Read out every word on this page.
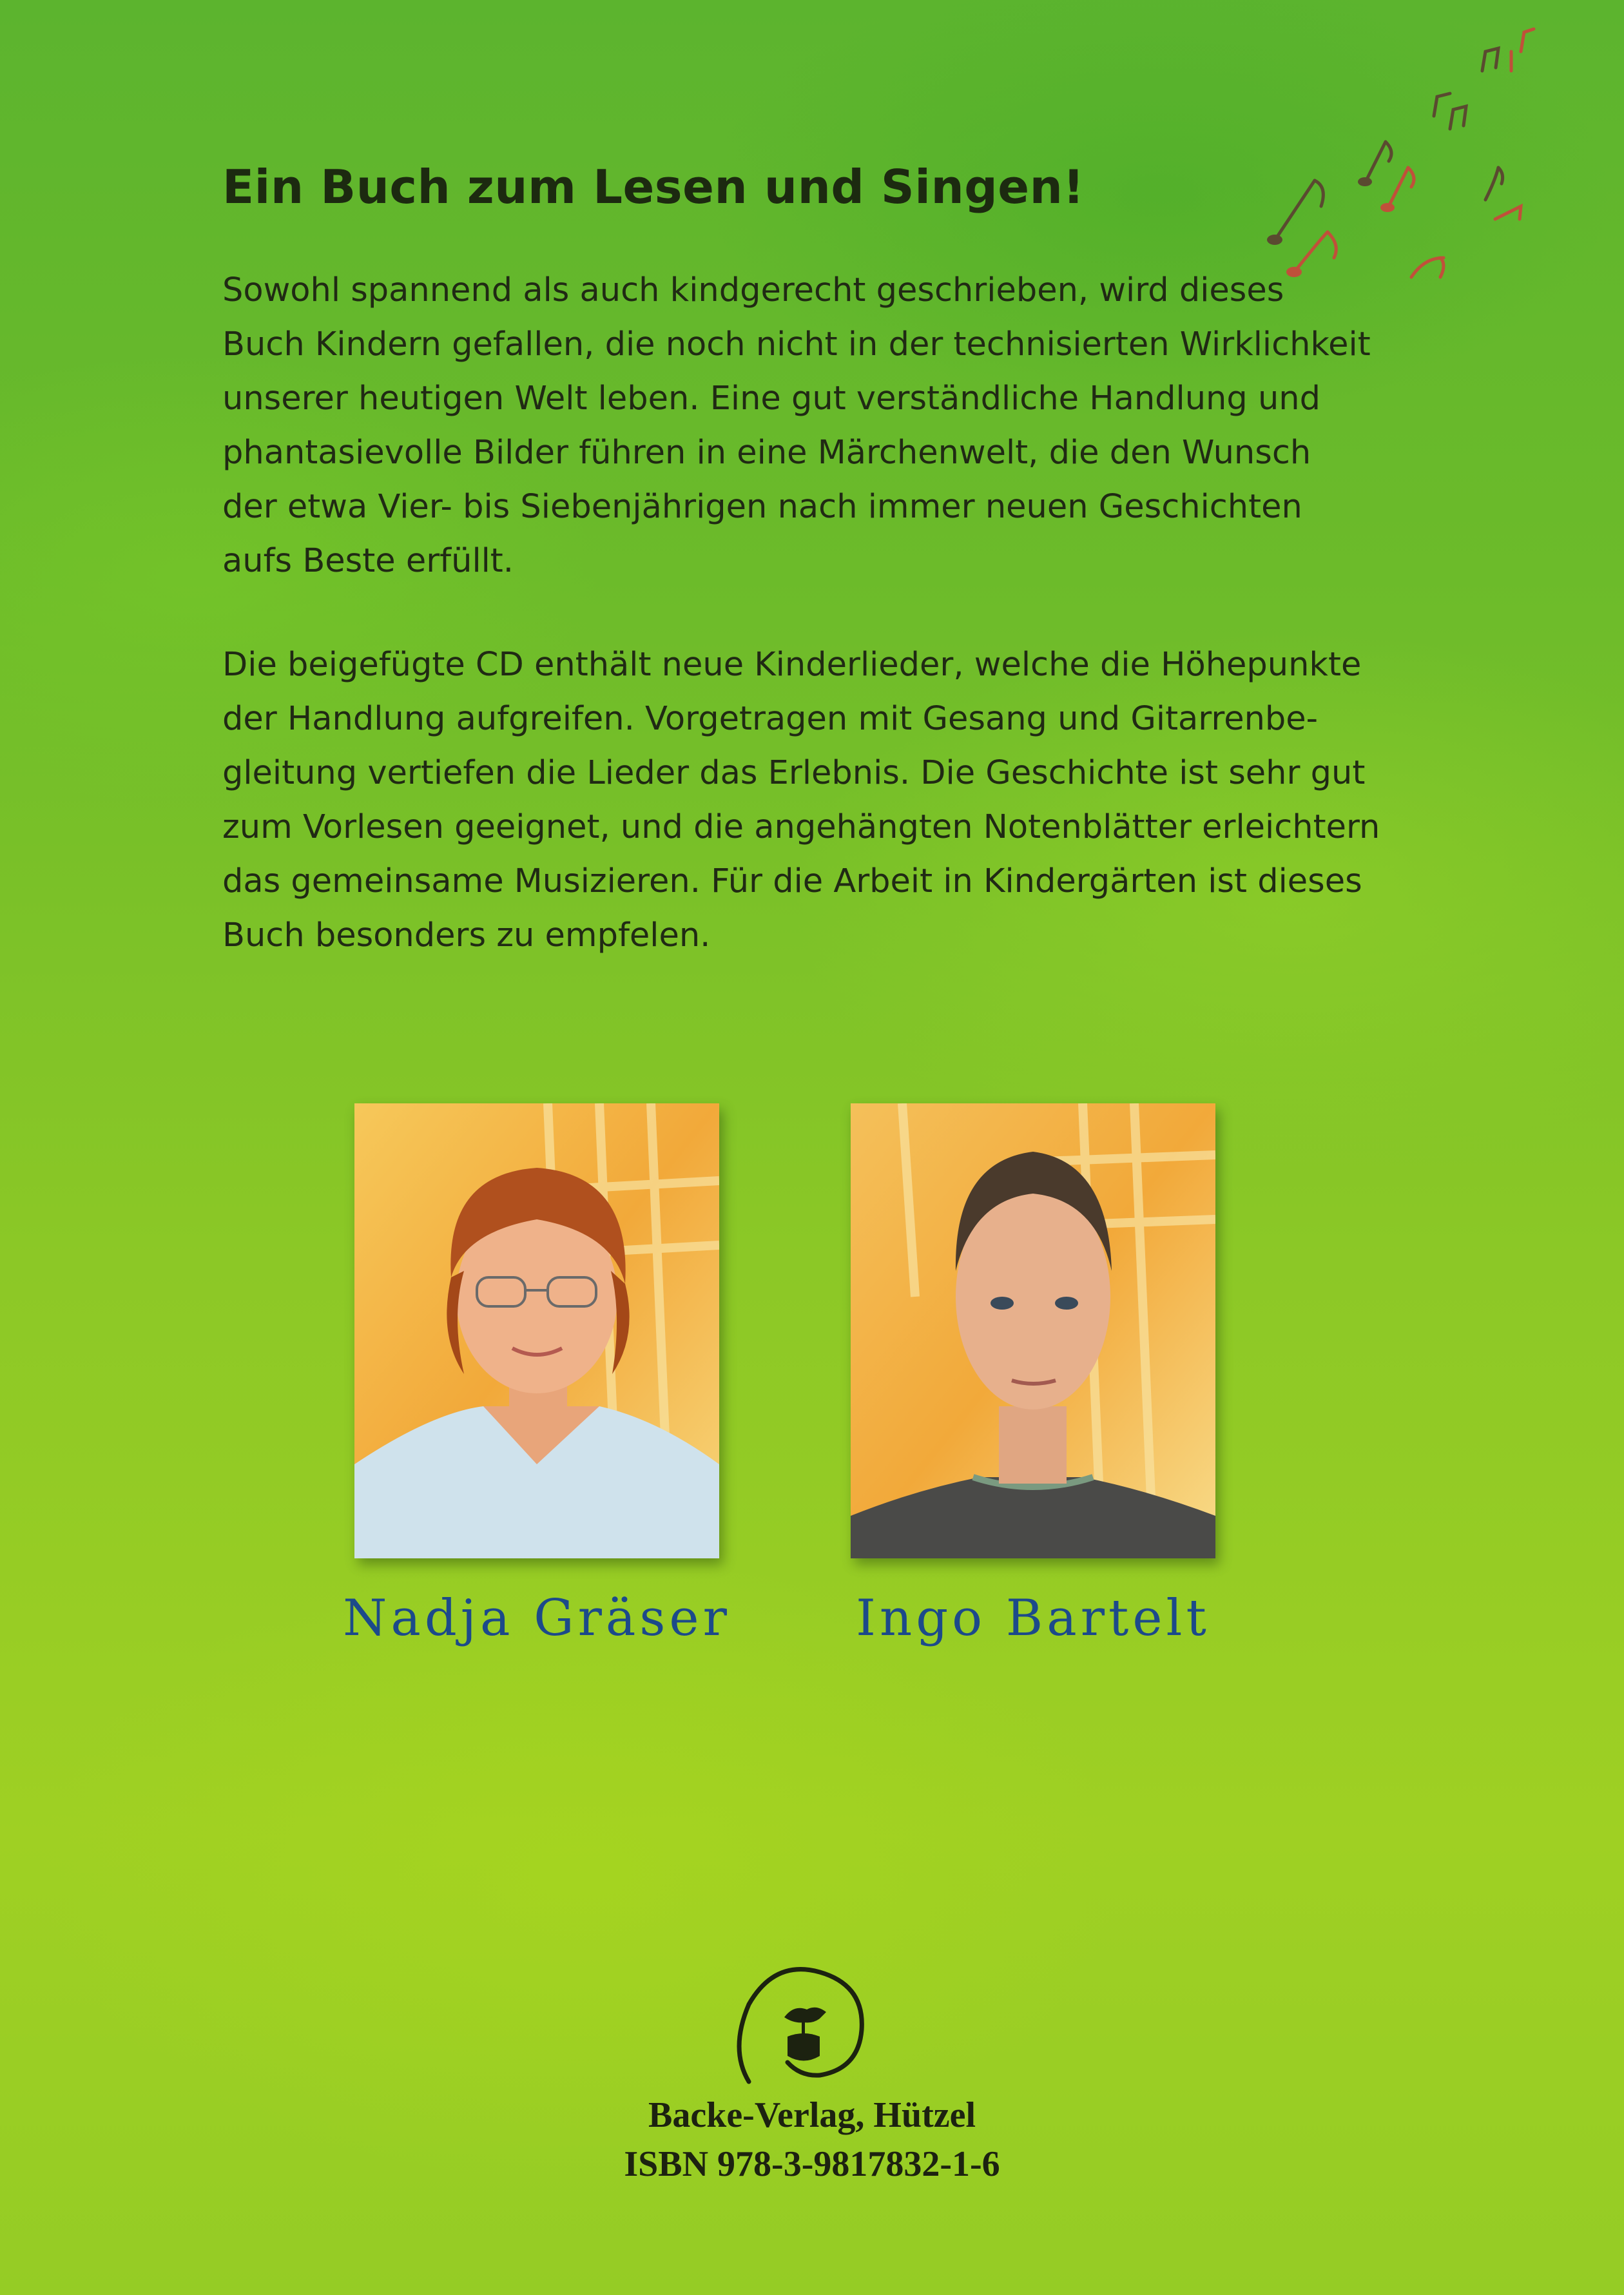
Ein Buch zum Lesen und Singen!

Sowohl spannend als auch kindgerecht geschrieben, wird dieses
Buch Kindern gefallen, die noch nicht in der technisierten Wirklichkeit
unserer heutigen Welt leben. Eine gut verständliche Handlung und
phantasievolle Bilder führen in eine Märchenwelt, die den Wunsch
der etwa Vier- bis Siebenjährigen nach immer neuen Geschichten
aufs Beste erfüllt.

Die beigefügte CD enthält neue Kinderlieder, welche die Höhepunkte
der Handlung aufgreifen. Vorgetragen mit Gesang und Gitarrenbe-
gleitung vertiefen die Lieder das Erlebnis. Die Geschichte ist sehr gut
zum Vorlesen geeignet, und die angehängten Notenblätter erleichtern
das gemeinsame Musizieren. Für die Arbeit in Kindergärten ist dieses
Buch besonders zu empfelen.

Nadja Gräser	Ingo Bartelt

Backe-Verlag, Hützel

ISBN 978-3-9817832-1-6
